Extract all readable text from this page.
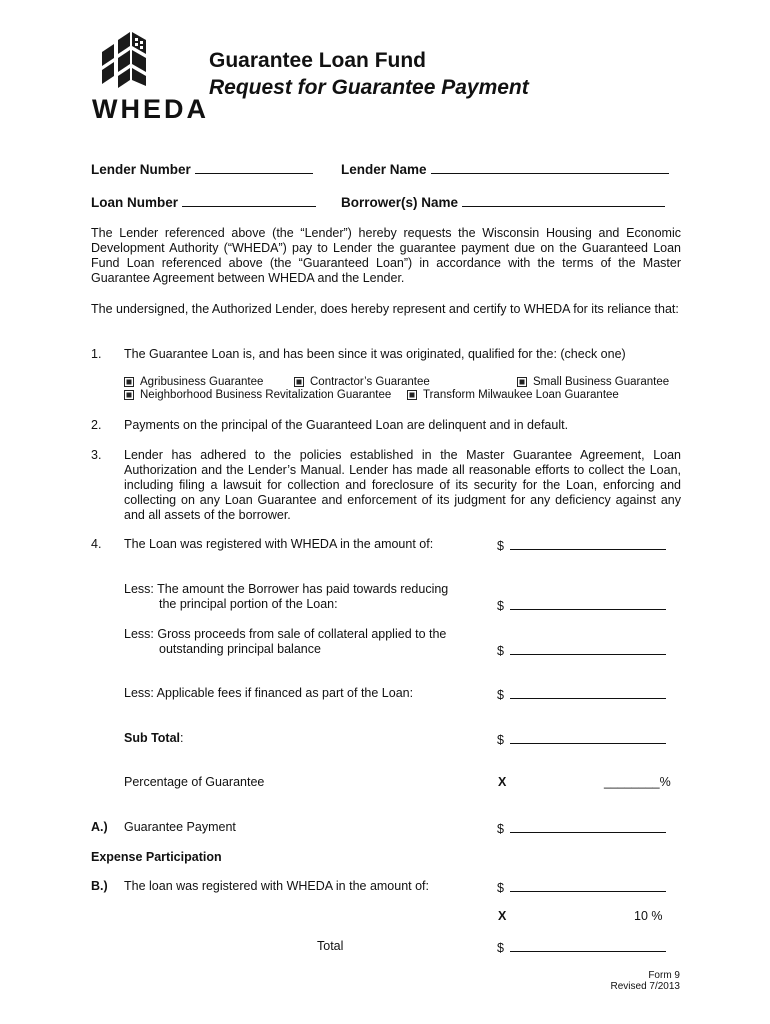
WHEDA
Guarantee Loan Fund
Request for Guarantee Payment
Lender Number	Lender Name
Loan Number	Borrower(s) Name
The Lender referenced above (the “Lender”) hereby requests the Wisconsin Housing and Economic Development Authority (“WHEDA”) pay to Lender the guarantee payment due on the Guaranteed Loan Fund Loan referenced above (the “Guaranteed Loan”) in accordance with the terms of the Master Guarantee Agreement between WHEDA and the Lender.
The undersigned, the Authorized Lender, does hereby represent and certify to WHEDA for its reliance that:
1. The Guarantee Loan is, and has been since it was originated, qualified for the: (check one)
Agribusiness Guarantee	Contractor’s Guarantee	Small Business Guarantee
Neighborhood Business Revitalization Guarantee	Transform Milwaukee Loan Guarantee
2. Payments on the principal of the Guaranteed Loan are delinquent and in default.
3. Lender has adhered to the policies established in the Master Guarantee Agreement, Loan Authorization and the Lender’s Manual. Lender has made all reasonable efforts to collect the Loan, including filing a lawsuit for collection and foreclosure of its security for the Loan, enforcing and collecting on any Loan Guarantee and enforcement of its judgment for any deficiency against any and all assets of the borrower.
4. The Loan was registered with WHEDA in the amount of:	$
Less: The amount the Borrower has paid towards reducing
the principal portion of the Loan:	$
Less: Gross proceeds from sale of collateral applied to the
outstanding principal balance	$
Less: Applicable fees if financed as part of the Loan:	$
Sub Total:	$
Percentage of Guarantee	X	________%
A.) Guarantee Payment	$
Expense Participation
B.) The loan was registered with WHEDA in the amount of:	$
X	10 %
Total	$
Form 9
Revised 7/2013
